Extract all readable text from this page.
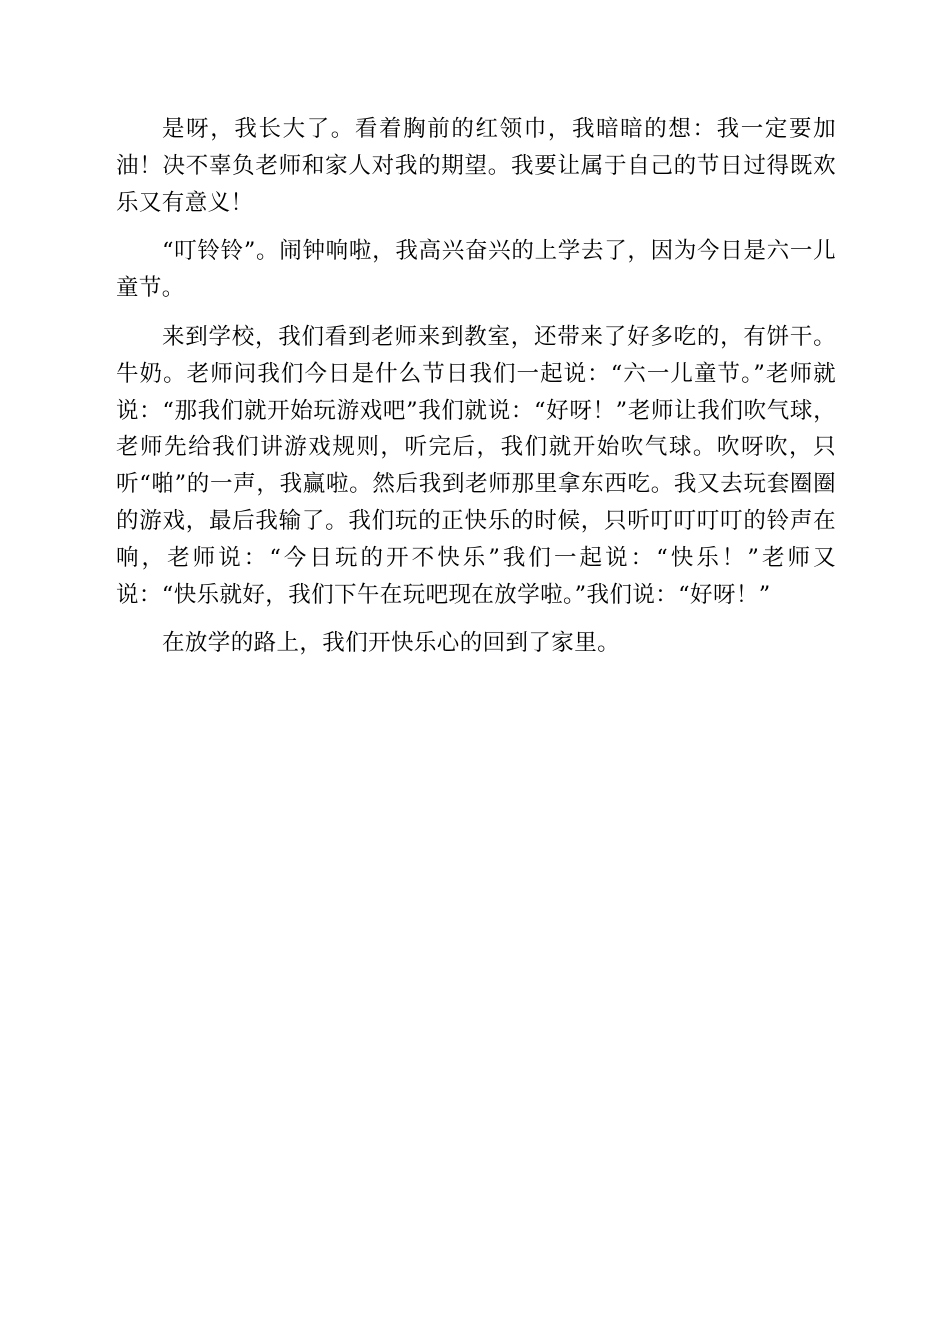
是呀，我长大了。看着胸前的红领巾，我暗暗的想：我一定要加油！决不辜负老师和家人对我的期望。我要让属于自己的节日过得既欢乐又有意义！

“叮铃铃”。闹钟响啦，我高兴奋兴的上学去了，因为今日是六一儿童节。

来到学校，我们看到老师来到教室，还带来了好多吃的，有饼干。牛奶。老师问我们今日是什么节日我们一起说：“六一儿童节。”老师就说：“那我们就开始玩游戏吧”我们就说：“好呀！”老师让我们吹气球，老师先给我们讲游戏规则，听完后，我们就开始吹气球。吹呀吹，只听“啪”的一声，我赢啦。然后我到老师那里拿东西吃。我又去玩套圈圈的游戏，最后我输了。我们玩的正快乐的时候，只听叮叮叮叮的铃声在响，老师说：“今日玩的开不快乐”我们一起说：“快乐！”老师又说：“快乐就好，我们下午在玩吧现在放学啦。”我们说：“好呀！”

在放学的路上，我们开快乐心的回到了家里。
